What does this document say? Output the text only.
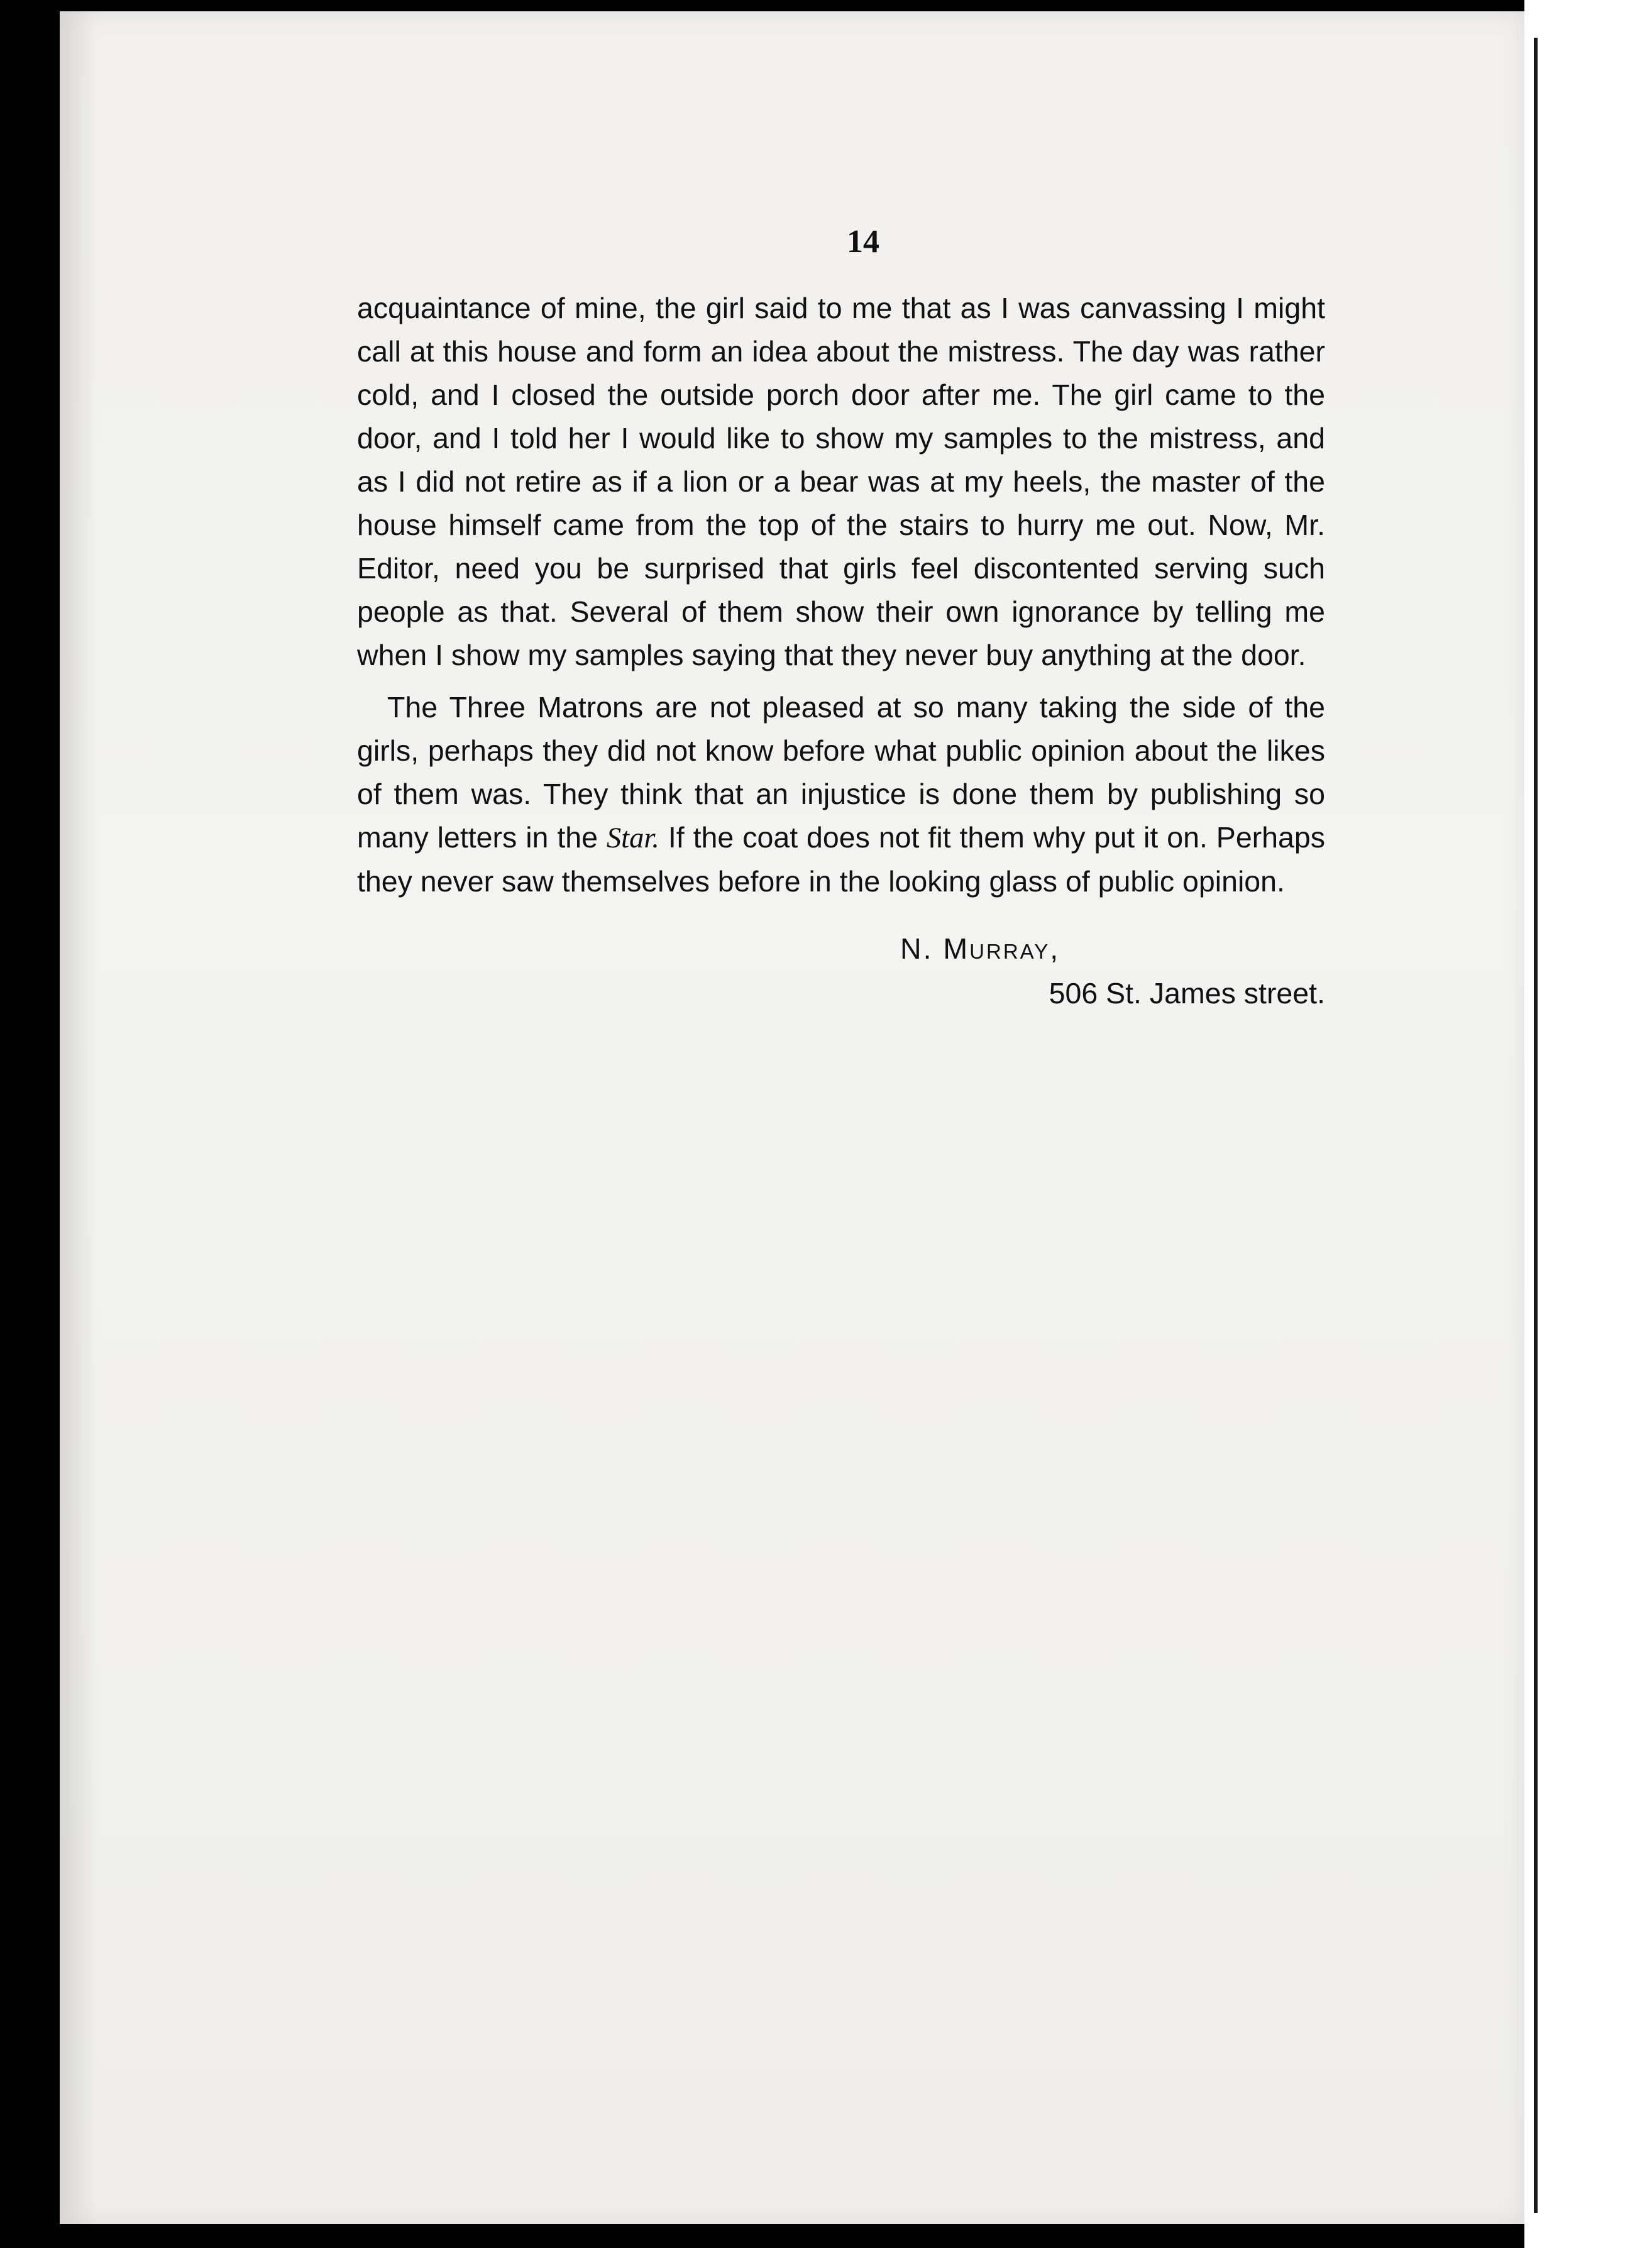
14

acquaintance of mine, the girl said to me that as I was canvassing I might call at this house and form an idea about the mistress. The day was rather cold, and I closed the outside porch door after me. The girl came to the door, and I told her I would like to show my samples to the mistress, and as I did not retire as if a lion or a bear was at my heels, the master of the house himself came from the top of the stairs to hurry me out. Now, Mr. Editor, need you be surprised that girls feel discontented serving such people as that. Several of them show their own ignorance by telling me when I show my samples saying that they never buy anything at the door.

The Three Matrons are not pleased at so many taking the side of the girls, perhaps they did not know before what public opinion about the likes of them was. They think that an injustice is done them by publishing so many letters in the Star. If the coat does not fit them why put it on. Perhaps they never saw themselves before in the looking glass of public opinion.

N. Murray,
506 St. James street.
